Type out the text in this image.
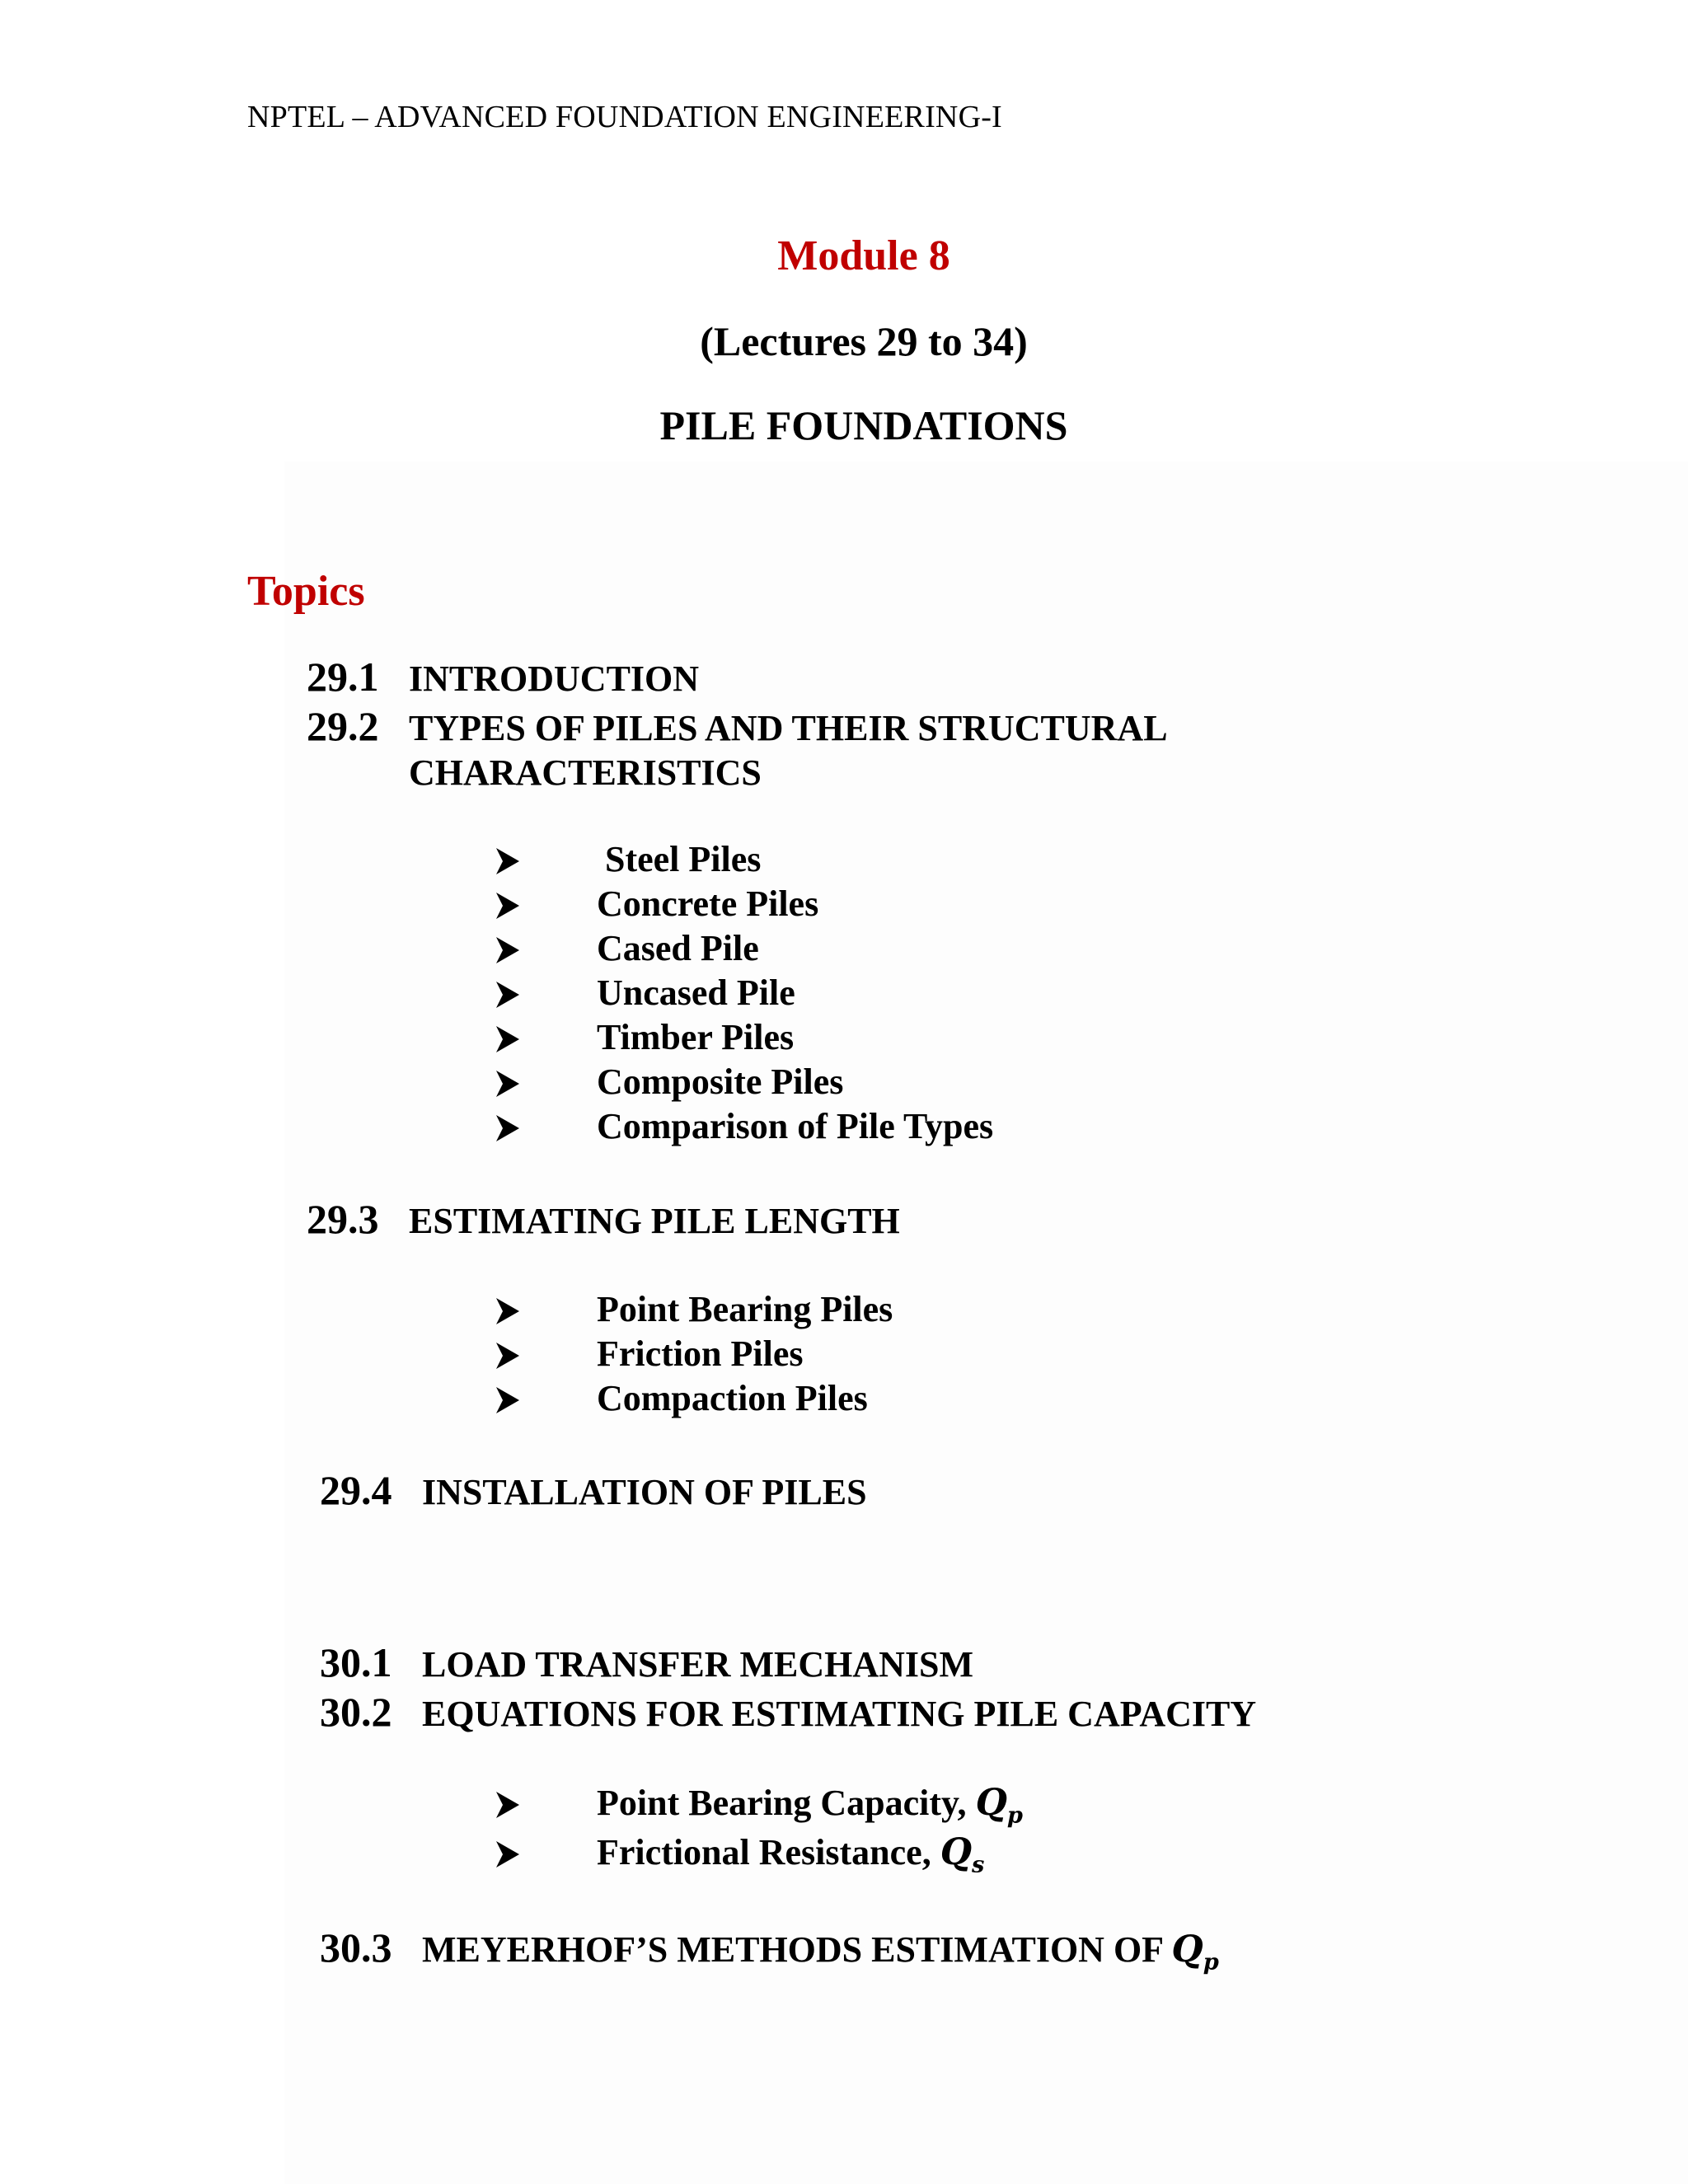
NPTEL – ADVANCED FOUNDATION ENGINEERING-I
Module 8
(Lectures 29 to 34)
PILE FOUNDATIONS
Topics
29.1 INTRODUCTION
29.2 TYPES OF PILES AND THEIR STRUCTURAL
CHARACTERISTICS
Steel Piles
Concrete Piles
Cased Pile
Uncased Pile
Timber Piles
Composite Piles
Comparison of Pile Types
29.3 ESTIMATING PILE LENGTH
Point Bearing Piles
Friction Piles
Compaction Piles
29.4 INSTALLATION OF PILES
30.1 LOAD TRANSFER MECHANISM
30.2 EQUATIONS FOR ESTIMATING PILE CAPACITY
Point Bearing Capacity, $Q_p$
Frictional Resistance, $Q_s$
30.3 MEYERHOF’S METHODS ESTIMATION OF $Q_p$
